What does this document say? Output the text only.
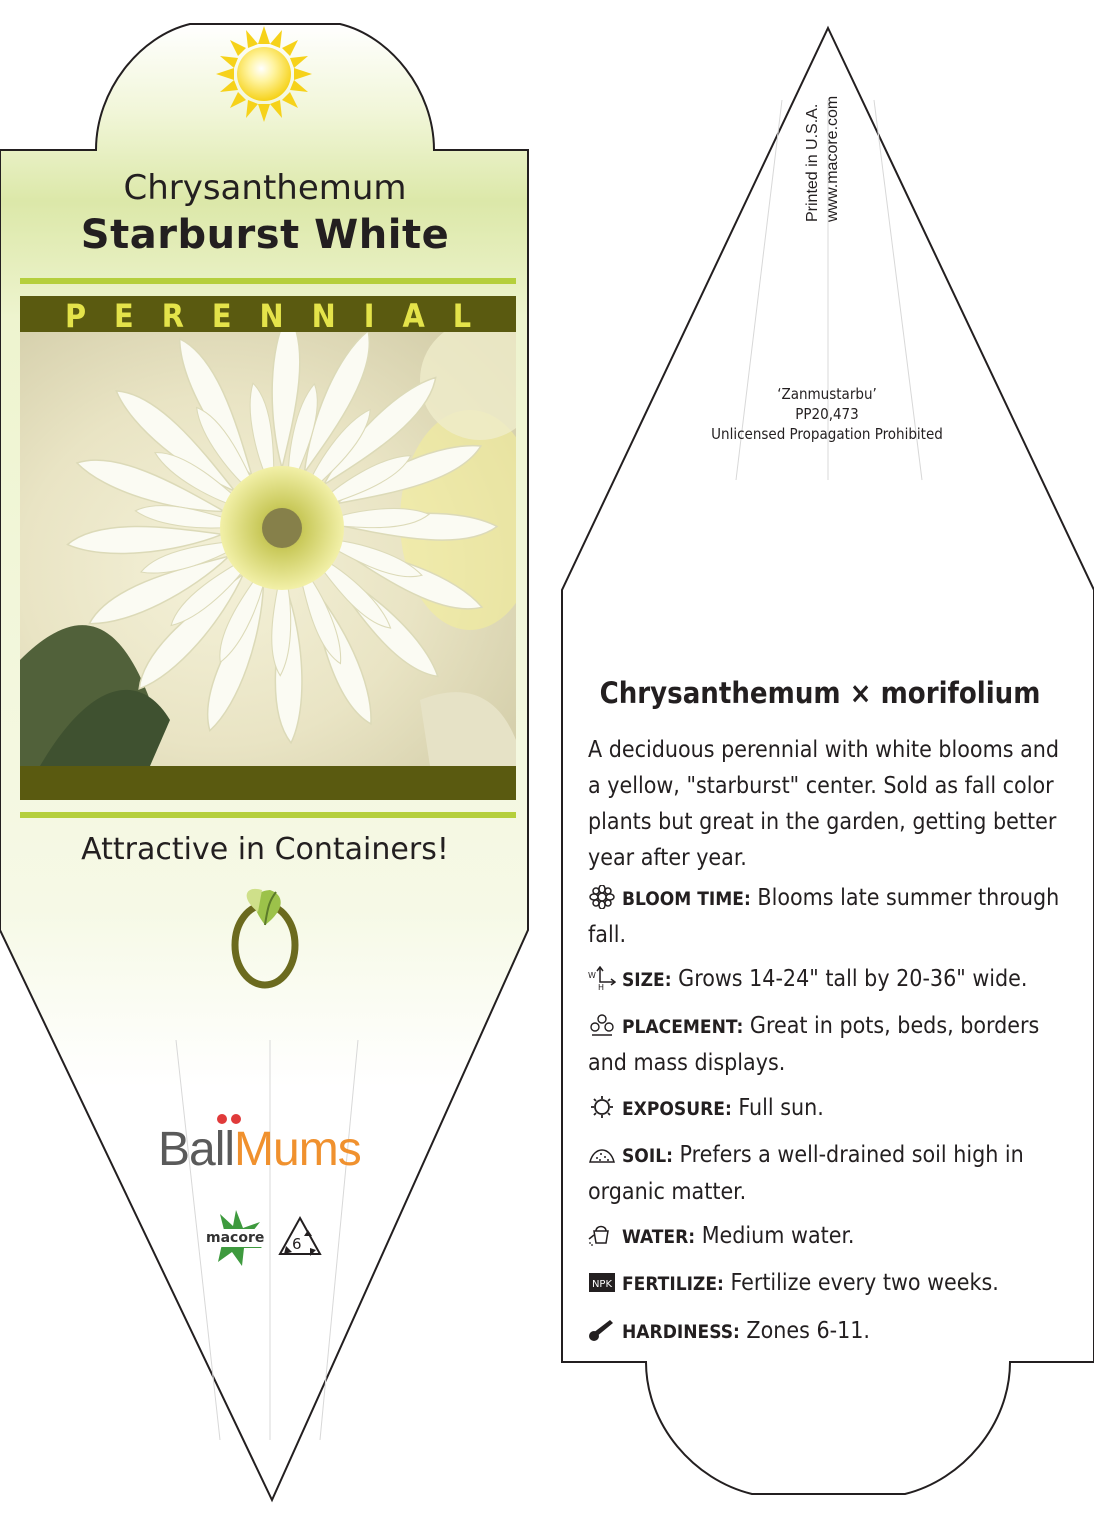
Chrysanthemum
Starburst White
PERENNIAL
Attractive in Containers!
BallMums
macore 6
Printed in U.S.A. www.macore.com
‘Zanmustarbu’
PP20,473
Unlicensed Propagation Prohibited
Chrysanthemum × morifolium
A deciduous perennial with white blooms and a yellow, "starburst" center. Sold as fall color plants but great in the garden, getting better year after year.
BLOOM TIME: Blooms late summer through fall.
W
H SIZE: Grows 14-24" tall by 20-36" wide.
PLACEMENT: Great in pots, beds, borders and mass displays.
EXPOSURE: Full sun.
SOIL: Prefers a well-drained soil high in organic matter.
WATER: Medium water.
NPK FERTILIZE: Fertilize every two weeks.
HARDINESS: Zones 6-11.
